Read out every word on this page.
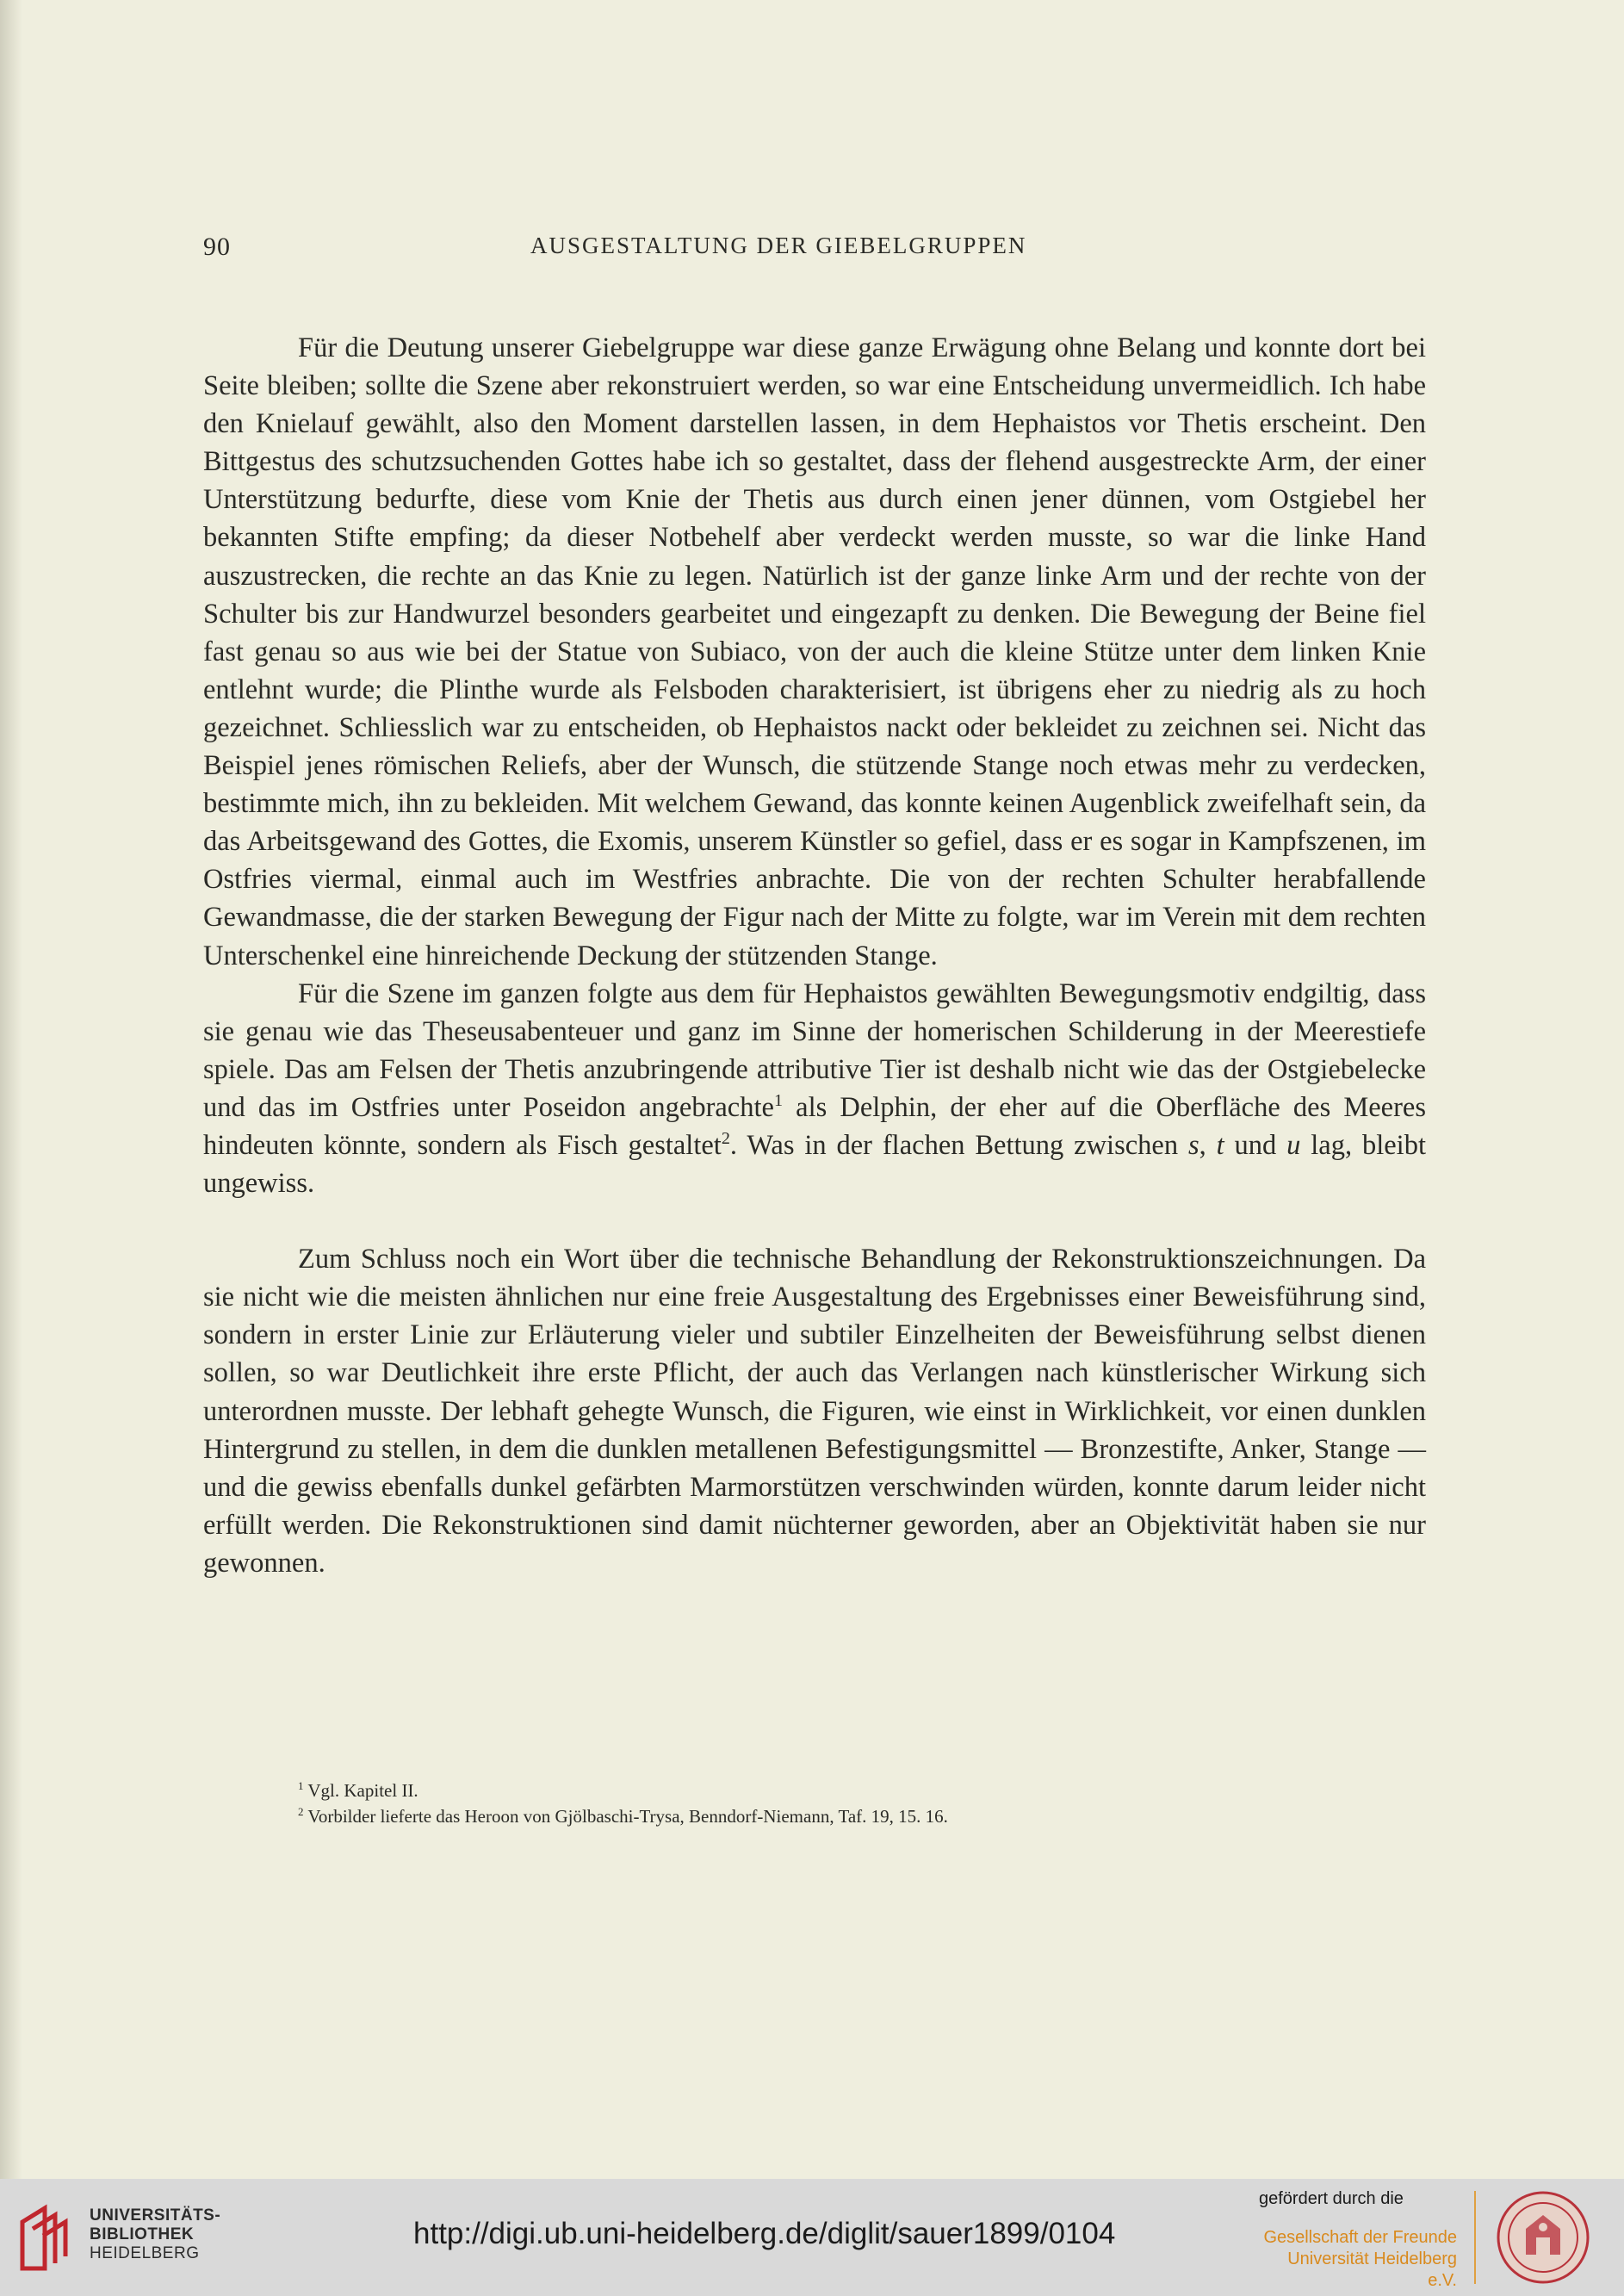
90	AUSGESTALTUNG DER GIEBELGRUPPEN

Für die Deutung unserer Giebelgruppe war diese ganze Erwägung ohne Belang und konnte dort bei Seite bleiben; sollte die Szene aber rekonstruiert werden, so war eine Entscheidung unvermeidlich. Ich habe den Knielauf gewählt, also den Moment darstellen lassen, in dem Hephaistos vor Thetis erscheint. Den Bittgestus des schutzsuchenden Gottes habe ich so gestaltet, dass der flehend ausgestreckte Arm, der einer Unterstützung bedurfte, diese vom Knie der Thetis aus durch einen jener dünnen, vom Ostgiebel her bekannten Stifte empfing; da dieser Notbehelf aber verdeckt werden musste, so war die linke Hand auszustrecken, die rechte an das Knie zu legen. Natürlich ist der ganze linke Arm und der rechte von der Schulter bis zur Handwurzel besonders gearbeitet und eingezapft zu denken. Die Bewegung der Beine fiel fast genau so aus wie bei der Statue von Subiaco, von der auch die kleine Stütze unter dem linken Knie entlehnt wurde; die Plinthe wurde als Felsboden charakterisiert, ist übrigens eher zu niedrig als zu hoch gezeichnet. Schliesslich war zu entscheiden, ob Hephaistos nackt oder bekleidet zu zeichnen sei. Nicht das Beispiel jenes römischen Reliefs, aber der Wunsch, die stützende Stange noch etwas mehr zu verdecken, bestimmte mich, ihn zu bekleiden. Mit welchem Gewand, das konnte keinen Augenblick zweifelhaft sein, da das Arbeitsgewand des Gottes, die Exomis, unserem Künstler so gefiel, dass er es sogar in Kampfszenen, im Ostfries viermal, einmal auch im Westfries anbrachte. Die von der rechten Schulter herabfallende Gewandmasse, die der starken Bewegung der Figur nach der Mitte zu folgte, war im Verein mit dem rechten Unterschenkel eine hinreichende Deckung der stützenden Stange.

Für die Szene im ganzen folgte aus dem für Hephaistos gewählten Bewegungsmotiv endgiltig, dass sie genau wie das Theseusabenteuer und ganz im Sinne der homerischen Schilderung in der Meerestiefe spiele. Das am Felsen der Thetis anzubringende attributive Tier ist deshalb nicht wie das der Ostgiebelecke und das im Ostfries unter Poseidon angebrachte$^1$ als Delphin, der eher auf die Oberfläche des Meeres hindeuten könnte, sondern als Fisch gestaltet$^2$. Was in der flachen Bettung zwischen s, t und u lag, bleibt ungewiss.

Zum Schluss noch ein Wort über die technische Behandlung der Rekonstruktionszeichnungen. Da sie nicht wie die meisten ähnlichen nur eine freie Ausgestaltung des Ergebnisses einer Beweisführung sind, sondern in erster Linie zur Erläuterung vieler und subtiler Einzelheiten der Beweisführung selbst dienen sollen, so war Deutlichkeit ihre erste Pflicht, der auch das Verlangen nach künstlerischer Wirkung sich unterordnen musste. Der lebhaft gehegte Wunsch, die Figuren, wie einst in Wirklichkeit, vor einen dunklen Hintergrund zu stellen, in dem die dunklen metallenen Befestigungsmittel — Bronzestifte, Anker, Stange — und die gewiss ebenfalls dunkel gefärbten Marmorstützen verschwinden würden, konnte darum leider nicht erfüllt werden. Die Rekonstruktionen sind damit nüchterner geworden, aber an Objektivität haben sie nur gewonnen.

$^1$ Vgl. Kapitel II.

$^2$ Vorbilder lieferte das Heroon von Gjölbaschi-Trysa, Benndorf-Niemann, Taf. 19, 15. 16.

UNIVERSITÄTS-
BIBLIOTHEK
HEIDELBERG
http://digi.ub.uni-heidelberg.de/diglit/sauer1899/0104
gefördert durch die
Gesellschaft der Freunde
Universität Heidelberg e.V.
